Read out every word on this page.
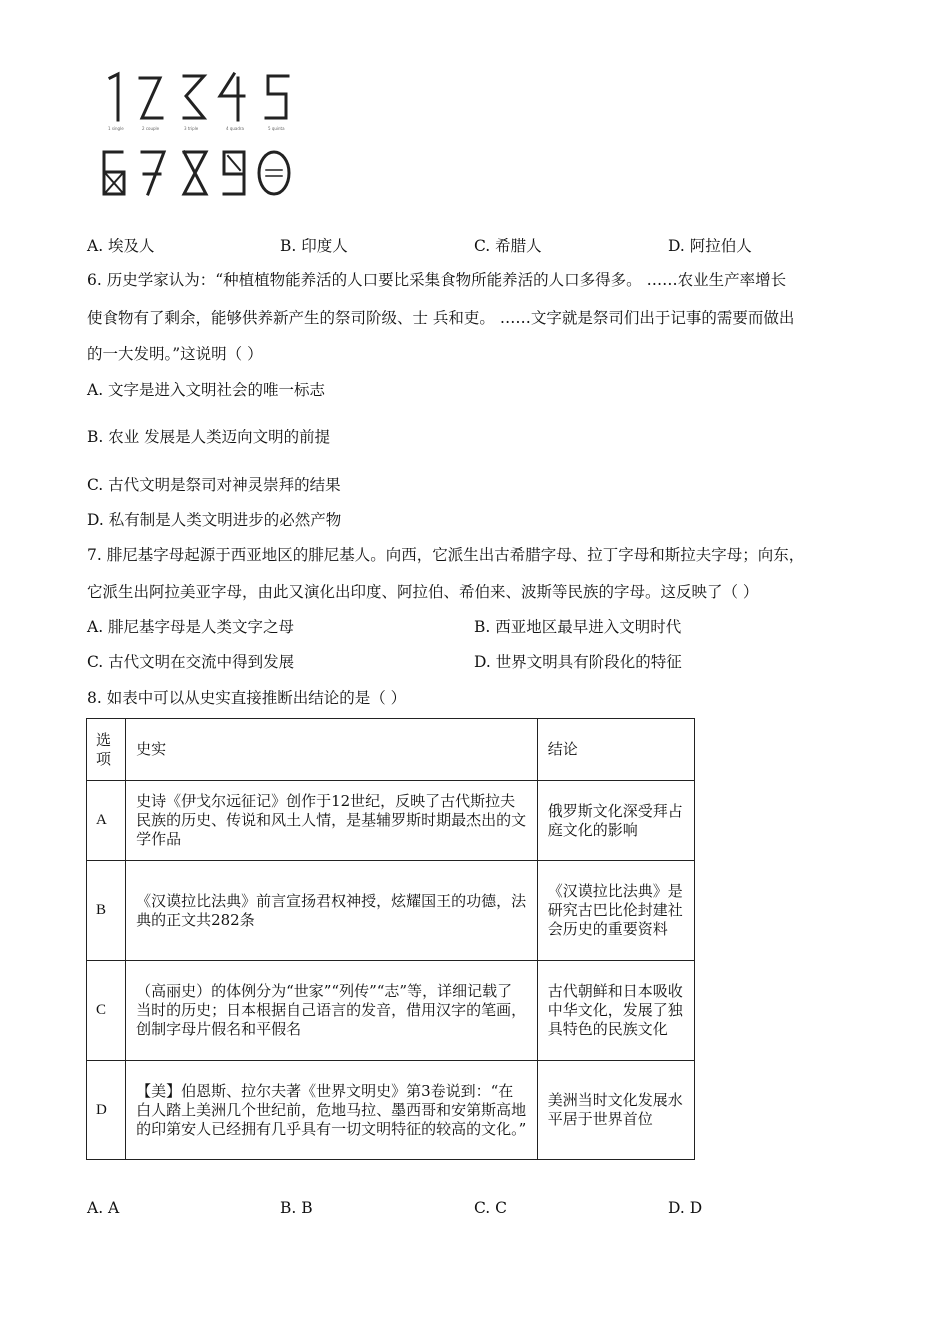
1 single	2 couple	3 triple	4 quadra	5 quinta
A. 埃及人	B. 印度人	C. 希腊人	D. 阿拉伯人
6. 历史学家认为：“种植植物能养活的人口要比采集食物所能养活的人口多得多。 ……农业生产率增长
使食物有了剩余，能够供养新产生的祭司阶级、士 兵和吏。 ……文字就是祭司们出于记事的需要而做出
的一大发明。”这说明（ ）
A. 文字是进入文明社会的唯一标志
B. 农业 发展是人类迈向文明的前提
C. 古代文明是祭司对神灵崇拜的结果
D. 私有制是人类文明进步的必然产物
7. 腓尼基字母起源于西亚地区的腓尼基人。向西，它派生出古希腊字母、拉丁字母和斯拉夫字母；向东，
它派生出阿拉美亚字母，由此又演化出印度、阿拉伯、希伯来、波斯等民族的字母。这反映了（ ）
A. 腓尼基字母是人类文字之母	B. 西亚地区最早进入文明时代
C. 古代文明在交流中得到发展	D. 世界文明具有阶段化的特征
8. 如表中可以从史实直接推断出结论的是（ ）
选项	史实	结论
A	史诗《伊戈尔远征记》创作于12世纪，反映了古代斯拉夫民族的历史、传说和风土人情，是基辅罗斯时期最杰出的文学作品	俄罗斯文化深受拜占庭文化的影响
B	《汉谟拉比法典》前言宣扬君权神授，炫耀国王的功德，法典的正文共282条	《汉谟拉比法典》是研究古巴比伦封建社会历史的重要资料
C	（高丽史）的体例分为“世家”“列传”“志”等，详细记载了当时的历史；日本根据自己语言的发音，借用汉字的笔画，创制字母片假名和平假名	古代朝鲜和日本吸收中华文化，发展了独具特色的民族文化
D	【美】伯恩斯、拉尔夫著《世界文明史》第3卷说到：“在白人踏上美洲几个世纪前，危地马拉、墨西哥和安第斯高地的印第安人已经拥有几乎具有一切文明特征的较高的文化。”	美洲当时文化发展水平居于世界首位
A. A	B. B	C. C	D. D
